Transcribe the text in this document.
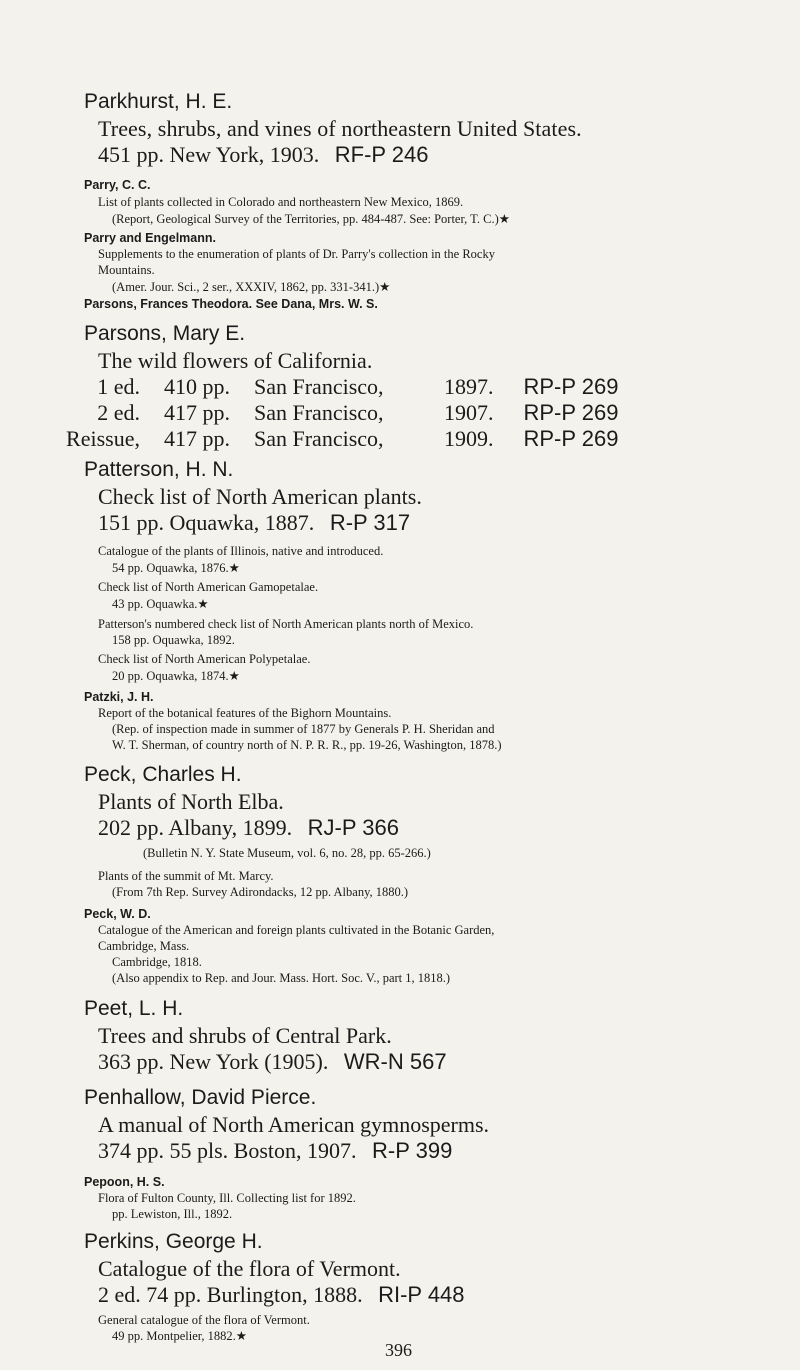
Parkhurst, H. E.
Trees, shrubs, and vines of northeastern United States.
451 pp. New York, 1903. RF-P 246
Parry, C. C.
List of plants collected in Colorado and northeastern New Mexico, 1869.
(Report, Geological Survey of the Territories, pp. 484-487. See: Porter, T. C.)★
Parry and Engelmann.
Supplements to the enumeration of plants of Dr. Parry's collection in the Rocky
Mountains.
(Amer. Jour. Sci., 2 ser., XXXIV, 1862, pp. 331-341.)★
Parsons, Frances Theodora. See Dana, Mrs. W. S.
Parsons, Mary E.
The wild flowers of California.
1 ed. 410 pp. San Francisco,	1897. RP-P 269
2 ed. 417 pp. San Francisco,	1907. RP-P 269
Reissue, 417 pp. San Francisco,	1909. RP-P 269
Patterson, H. N.
Check list of North American plants.
151 pp. Oquawka, 1887. R-P 317
Catalogue of the plants of Illinois, native and introduced.
54 pp. Oquawka, 1876.★
Check list of North American Gamopetalae.
43 pp. Oquawka.★
Patterson's numbered check list of North American plants north of Mexico.
158 pp. Oquawka, 1892.
Check list of North American Polypetalae.
20 pp. Oquawka, 1874.★
Patzki, J. H.
Report of the botanical features of the Bighorn Mountains.
(Rep. of inspection made in summer of 1877 by Generals P. H. Sheridan and
W. T. Sherman, of country north of N. P. R. R., pp. 19-26, Washington, 1878.)
Peck, Charles H.
Plants of North Elba.
202 pp. Albany, 1899. RJ-P 366
(Bulletin N. Y. State Museum, vol. 6, no. 28, pp. 65-266.)
Plants of the summit of Mt. Marcy.
(From 7th Rep. Survey Adirondacks, 12 pp. Albany, 1880.)
Peck, W. D.
Catalogue of the American and foreign plants cultivated in the Botanic Garden,
Cambridge, Mass.
Cambridge, 1818.
(Also appendix to Rep. and Jour. Mass. Hort. Soc. V., part 1, 1818.)
Peet, L. H.
Trees and shrubs of Central Park.
363 pp. New York (1905). WR-N 567
Penhallow, David Pierce.
A manual of North American gymnosperms.
374 pp. 55 pls. Boston, 1907. R-P 399
Pepoon, H. S.
Flora of Fulton County, Ill. Collecting list for 1892.
pp. Lewiston, Ill., 1892.
Perkins, George H.
Catalogue of the flora of Vermont.
2 ed. 74 pp. Burlington, 1888. RI-P 448
General catalogue of the flora of Vermont.
49 pp. Montpelier, 1882.★
396
